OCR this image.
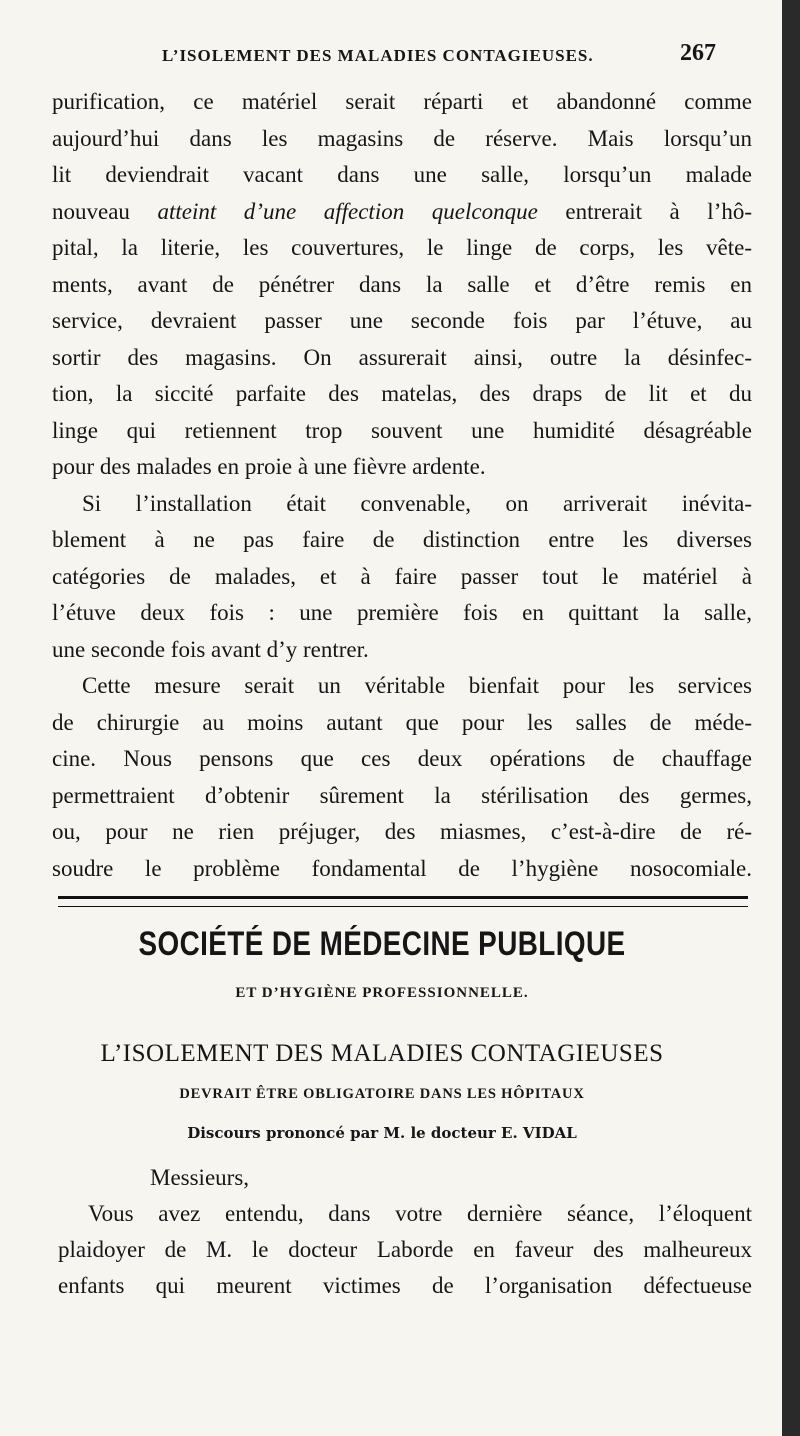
L’ISOLEMENT DES MALADIES CONTAGIEUSES.	267
purification, ce matériel serait réparti et abandonné comme
aujourd’hui dans les magasins de réserve. Mais lorsqu’un
lit deviendrait vacant dans une salle, lorsqu’un malade
nouveau atteint d’une affection quelconque entrerait à l’hô-
pital, la literie, les couvertures, le linge de corps, les vête-
ments, avant de pénétrer dans la salle et d’être remis en
service, devraient passer une seconde fois par l’étuve, au
sortir des magasins. On assurerait ainsi, outre la désinfec-
tion, la siccité parfaite des matelas, des draps de lit et du
linge qui retiennent trop souvent une humidité désagréable
pour des malades en proie à une fièvre ardente.
Si l’installation était convenable, on arriverait inévita-
blement à ne pas faire de distinction entre les diverses
catégories de malades, et à faire passer tout le matériel à
l’étuve deux fois : une première fois en quittant la salle,
une seconde fois avant d’y rentrer.
Cette mesure serait un véritable bienfait pour les services
de chirurgie au moins autant que pour les salles de méde-
cine. Nous pensons que ces deux opérations de chauffage
permettraient d’obtenir sûrement la stérilisation des germes,
ou, pour ne rien préjuger, des miasmes, c’est-à-dire de ré-
soudre le problème fondamental de l’hygiène nosocomiale.
SOCIÉTÉ DE MÉDECINE PUBLIQUE
ET D’HYGIÈNE PROFESSIONNELLE.
L’ISOLEMENT DES MALADIES CONTAGIEUSES
DEVRAIT ÊTRE OBLIGATOIRE DANS LES HÔPITAUX
Discours prononcé par M. le docteur E. VIDAL
Messieurs,
Vous avez entendu, dans votre dernière séance, l’éloquent
plaidoyer de M. le docteur Laborde en faveur des malheureux
enfants qui meurent victimes de l’organisation défectueuse
